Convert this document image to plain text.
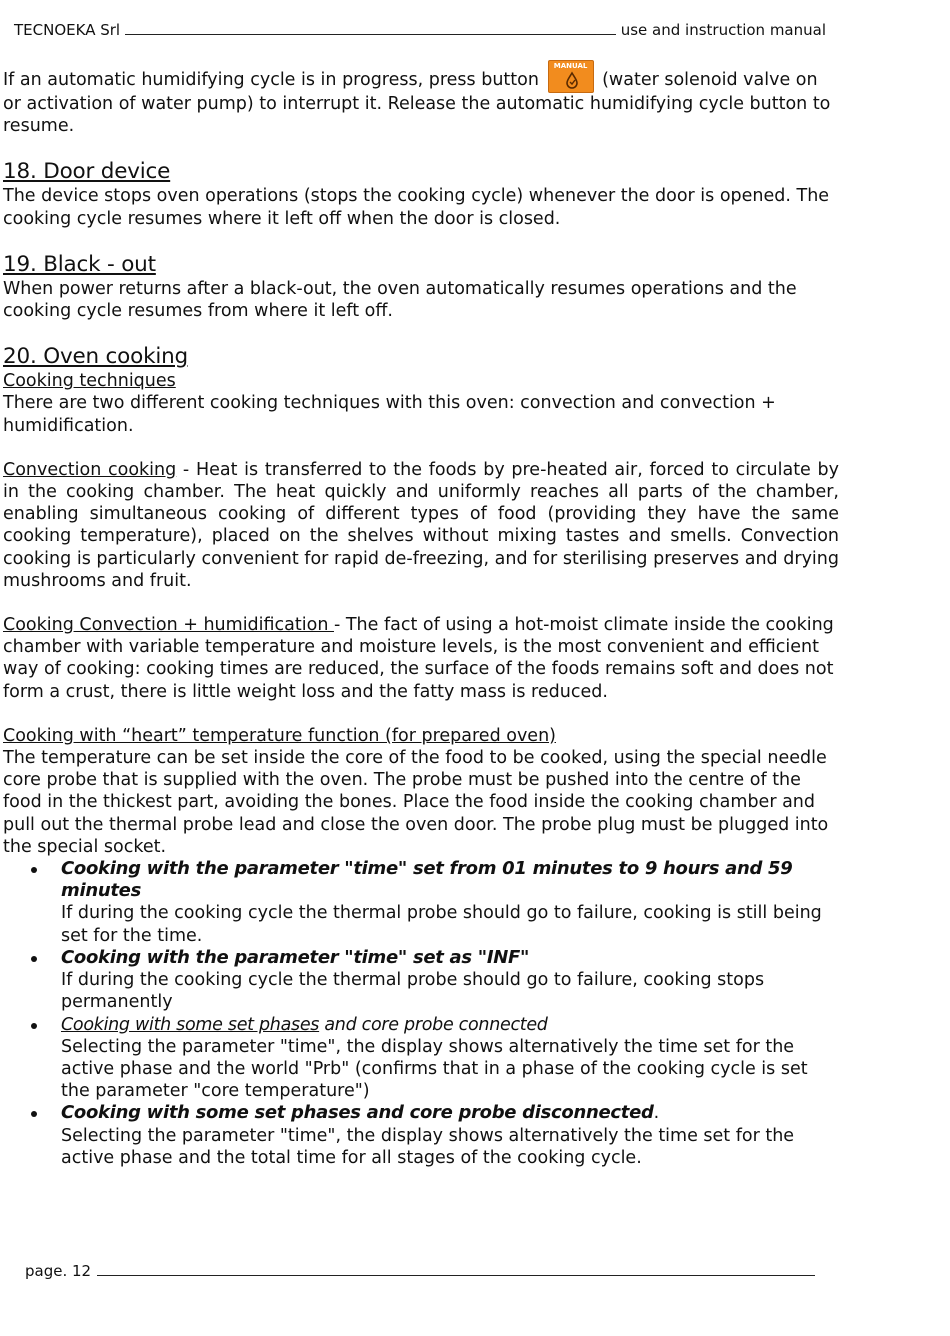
TECNOEKA Srl	use and instruction manual

If an automatic humidifying cycle is in progress, press button
MANUAL
(water solenoid valve on or activation of water pump) to interrupt it. Release the automatic humidifying cycle button to resume.

18. Door device

The device stops oven operations (stops the cooking cycle) whenever the door is opened. The cooking cycle resumes where it left off when the door is closed.

19. Black - out

When power returns after a black-out, the oven automatically resumes operations and the cooking cycle resumes from where it left off.

20. Oven cooking

Cooking techniques

There are two different cooking techniques with this oven: convection and convection + humidification.

Convection cooking - Heat is transferred to the foods by pre-heated air, forced to circulate by in the cooking chamber. The heat quickly and uniformly reaches all parts of the chamber, enabling simultaneous cooking of different types of food (providing they have the same cooking temperature), placed on the shelves without mixing tastes and smells. Convection cooking is particularly convenient for rapid de-freezing, and for sterilising preserves and drying mushrooms and fruit.

Cooking Convection + humidification - The fact of using a hot-moist climate inside the cooking chamber with variable temperature and moisture levels, is the most convenient and efficient way of cooking: cooking times are reduced, the surface of the foods remains soft and does not form a crust, there is little weight loss and the fatty mass is reduced.

Cooking with “heart” temperature function (for prepared oven)

The temperature can be set inside the core of the food to be cooked, using the special needle core probe that is supplied with the oven. The probe must be pushed into the centre of the food in the thickest part, avoiding the bones. Place the food inside the cooking chamber and pull out the thermal probe lead and close the oven door. The probe plug must be plugged into the special socket.

Cooking with the parameter "time" set from 01 minutes to 9 hours and 59 minutes
If during the cooking cycle the thermal probe should go to failure, cooking is still being set for the time.
Cooking with the parameter "time" set as "INF"
If during the cooking cycle the thermal probe should go to failure, cooking stops permanently
Cooking with some set phases and core probe connected
Selecting the parameter "time", the display shows alternatively the time set for the active phase and the world "Prb" (confirms that in a phase of the cooking cycle is set the parameter "core temperature")
Cooking with some set phases and core probe disconnected.
Selecting the parameter "time", the display shows alternatively the time set for the active phase and the total time for all stages of the cooking cycle.
page. 12
